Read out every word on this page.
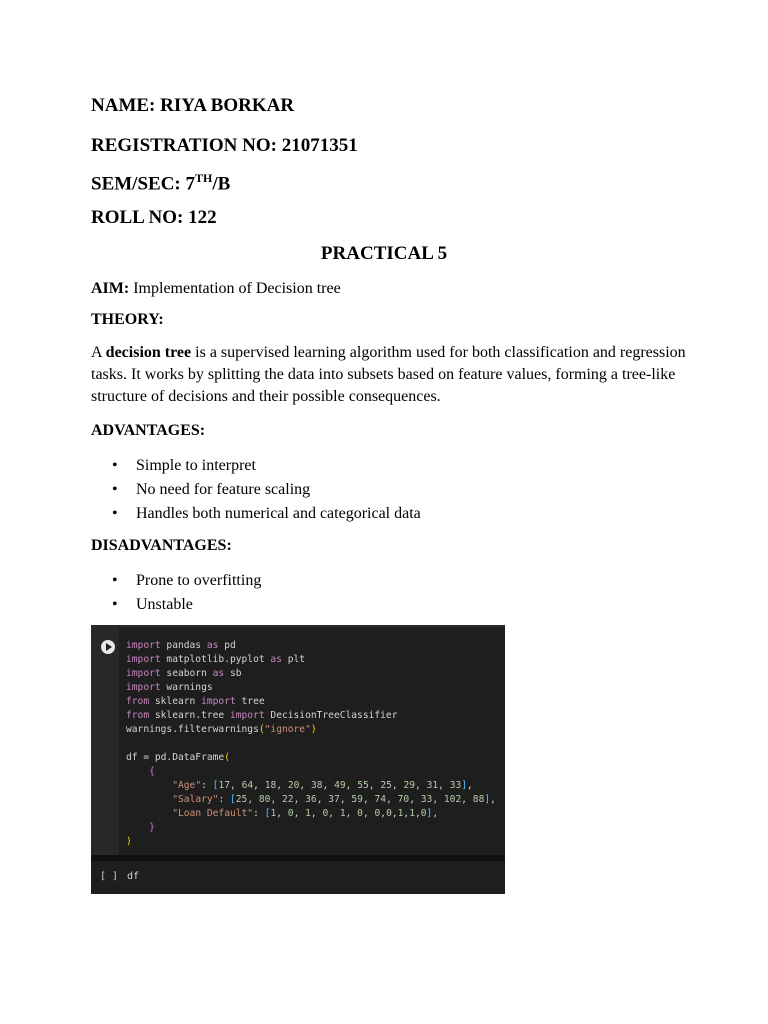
NAME: RIYA BORKAR
REGISTRATION NO: 21071351
SEM/SEC: 7TH/B
ROLL NO: 122
PRACTICAL 5
AIM: Implementation of Decision tree
THEORY:
A decision tree is a supervised learning algorithm used for both classification and regression tasks. It works by splitting the data into subsets based on feature values, forming a tree-like structure of decisions and their possible consequences.
ADVANTAGES:
• Simple to interpret
• No need for feature scaling
• Handles both numerical and categorical data
DISADVANTAGES:
• Prone to overfitting
• Unstable
import pandas as pd
import matplotlib.pyplot as plt
import seaborn as sb
import warnings
from sklearn import tree
from sklearn.tree import DecisionTreeClassifier
warnings.filterwarnings("ignore")

df = pd.DataFrame(
{
"Age": [17, 64, 18, 20, 38, 49, 55, 25, 29, 31, 33],
"Salary": [25, 80, 22, 36, 37, 59, 74, 70, 33, 102, 88],
"Loan Default": [1, 0, 1, 0, 1, 0, 0,0,1,1,0],
}
)
[ ] df
